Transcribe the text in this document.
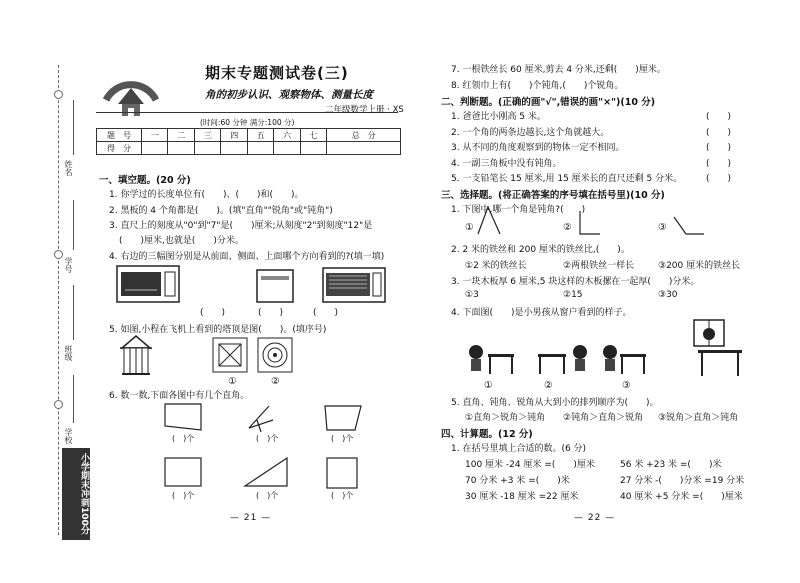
姓名
学号
班级
学校
小学期末冲刺100分
期末专题测试卷(三)
角的初步认识、观察物体、测量长度
二年级数学上册 · XS
(时间:60 分钟 满分:100 分)
题　号	一	二	三	四	五	六	七	总　分
得　分								
一、填空题。(20 分)
1. 你学过的长度单位有(　　)、(　　)和(　　)。
2. 黑板的 4 个角都是(　　)。(填"直角""锐角"或"钝角")
3. 直尺上的刻度从"0"到"7"是(　　)厘米;从刻度"2"到刻度"12"是
(　　)厘米,也就是(　　)分米。
4. 右边的三幅图分别是从前面、侧面、上面哪个方向看到的?(填一填)
(　　)	(　　)	(　　)
5. 如图,小程在飞机上看到的塔顶是图(　　)。(填序号)
①	②
6. 数一数,下面各图中有几个直角。
(　)个	(　)个	(　)个
(　)个	(　)个	(　)个
— 21 —
7. 一根铁丝长 60 厘米,剪去 4 分米,还剩(　　)厘米。
8. 红领巾上有(　　)个钝角,(　　)个锐角。
二、判断题。(正确的画"√",错误的画"×")(10 分)
1. 爸爸比小刚高 5 米。
2. 一个角的两条边越长,这个角就越大。
3. 从不同的角度观察到的物体一定不相同。
4. 一副三角板中没有钝角。
5. 一支铅笔长 15 厘米,用 15 厘米长的直尺还剩 5 分米。
(　　)
(　　)
(　　)
(　　)
(　　)
三、选择题。(将正确答案的序号填在括号里)(10 分)
1. 下图中,哪一个角是钝角?(　　)
①	②	③
2. 2 米的铁丝和 200 厘米的铁丝比,(　　)。
①2 米的铁丝长	②两根铁丝一样长	③200 厘米的铁丝长
3. 一块木板厚 6 厘米,5 块这样的木板摞在一起厚(　　)分米。
①3	②15	③30
4. 下面图(　　)是小男孩从窗户看到的样子。
①	②	③
5. 直角、钝角、锐角从大到小的排列顺序为(　　)。
①直角＞锐角＞钝角 ②钝角＞直角＞锐角 ③锐角＞直角＞钝角
四、计算题。(12 分)
1. 在括号里填上合适的数。(6 分)
100 厘米 -24 厘米 =(　　)厘米	56 米 +23 米 =(　　)米
70 分米 +3 米 =(　　)米	27 分米 -(　　)分米 =19 分米
30 厘米 -18 厘米 =22 厘米	40 厘米 +5 分米 =(　　)厘米
— 22 —
